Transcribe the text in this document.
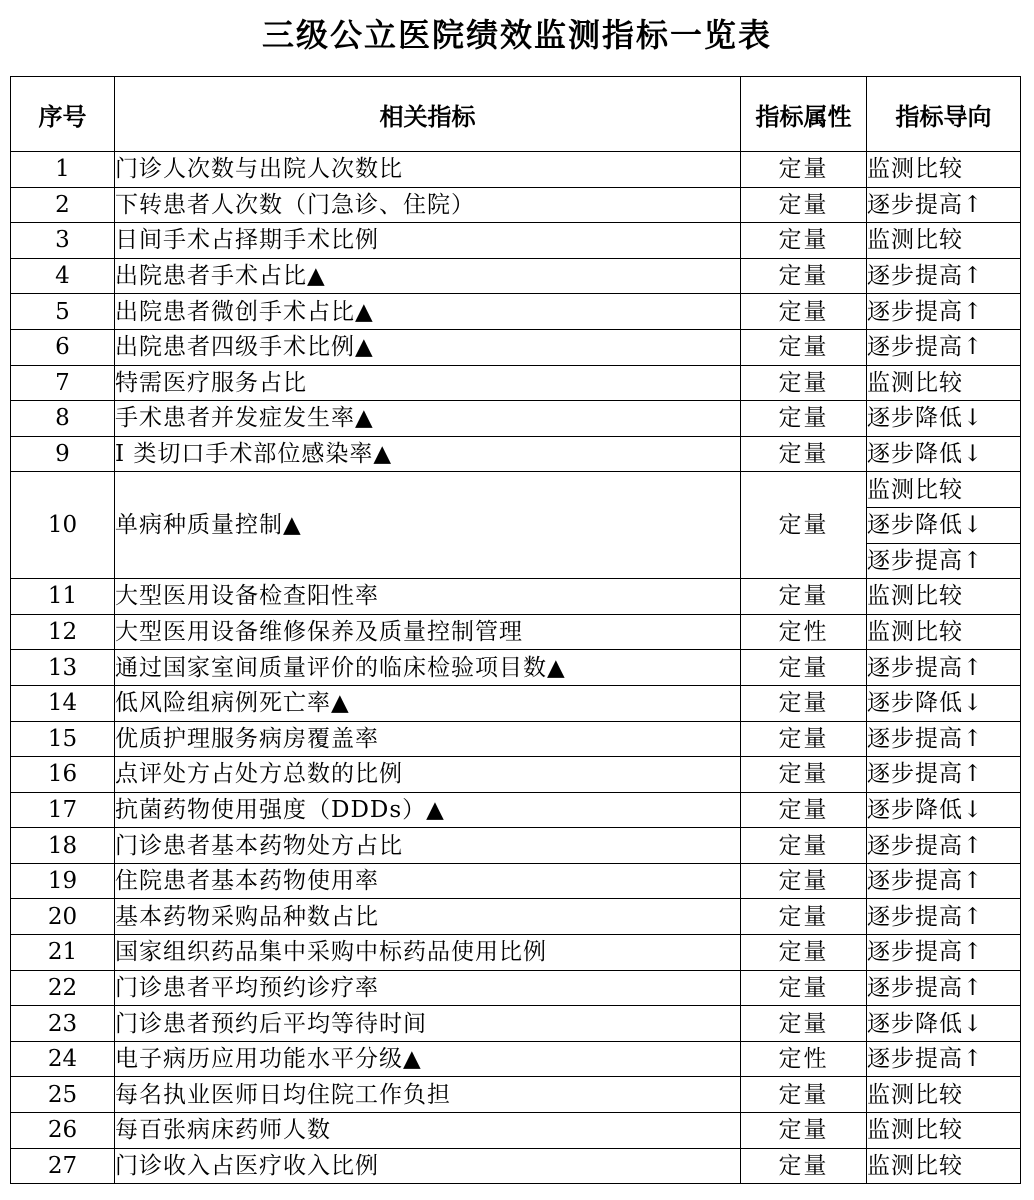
三级公立医院绩效监测指标一览表
序号	相关指标	指标属性	指标导向
1	门诊人次数与出院人次数比	定量	监测比较
2	下转患者人次数（门急诊、住院）	定量	逐步提高↑
3	日间手术占择期手术比例	定量	监测比较
4	出院患者手术占比▲	定量	逐步提高↑
5	出院患者微创手术占比▲	定量	逐步提高↑
6	出院患者四级手术比例▲	定量	逐步提高↑
7	特需医疗服务占比	定量	监测比较
8	手术患者并发症发生率▲	定量	逐步降低↓
9	I 类切口手术部位感染率▲	定量	逐步降低↓
10	单病种质量控制▲	定量	监测比较
			逐步降低↓
			逐步提高↑
11	大型医用设备检查阳性率	定量	监测比较
12	大型医用设备维修保养及质量控制管理	定性	监测比较
13	通过国家室间质量评价的临床检验项目数▲	定量	逐步提高↑
14	低风险组病例死亡率▲	定量	逐步降低↓
15	优质护理服务病房覆盖率	定量	逐步提高↑
16	点评处方占处方总数的比例	定量	逐步提高↑
17	抗菌药物使用强度（DDDs）▲	定量	逐步降低↓
18	门诊患者基本药物处方占比	定量	逐步提高↑
19	住院患者基本药物使用率	定量	逐步提高↑
20	基本药物采购品种数占比	定量	逐步提高↑
21	国家组织药品集中采购中标药品使用比例	定量	逐步提高↑
22	门诊患者平均预约诊疗率	定量	逐步提高↑
23	门诊患者预约后平均等待时间	定量	逐步降低↓
24	电子病历应用功能水平分级▲	定性	逐步提高↑
25	每名执业医师日均住院工作负担	定量	监测比较
26	每百张病床药师人数	定量	监测比较
27	门诊收入占医疗收入比例	定量	监测比较
